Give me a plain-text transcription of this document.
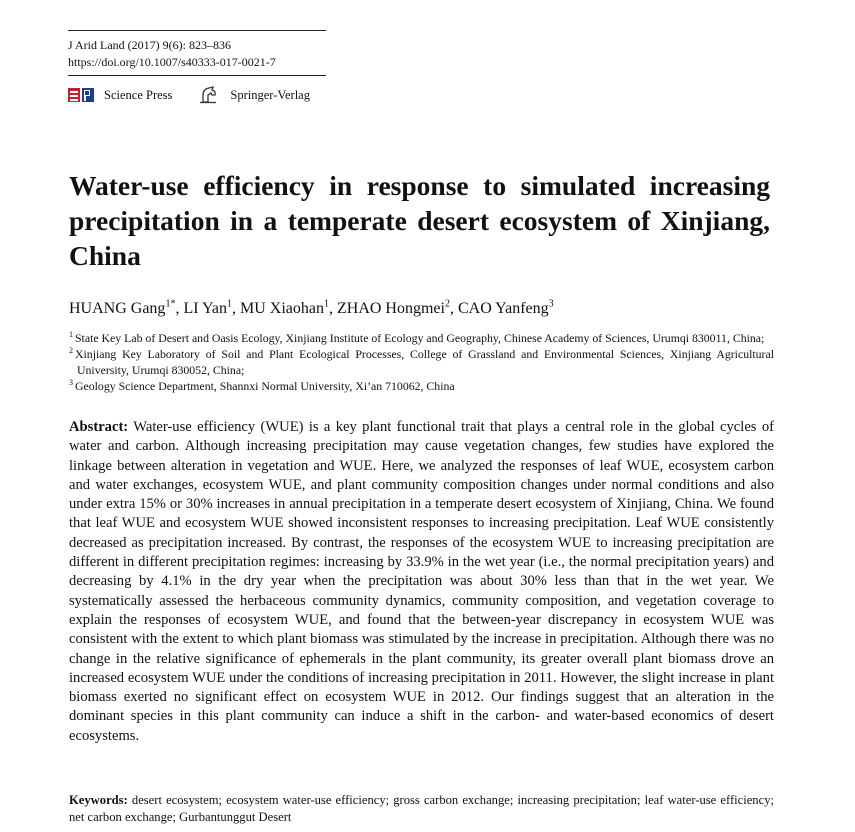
J Arid Land (2017) 9(6): 823–836
https://doi.org/10.1007/s40333-017-0021-7
Science Press	Springer-Verlag
Water-use efficiency in response to simulated increasing precipitation in a temperate desert ecosystem of Xinjiang, China
HUANG Gang$^{1*}$, LI Yan$^1$, MU Xiaohan$^1$, ZHAO Hongmei$^2$, CAO Yanfeng$^3$
$^1$ State Key Lab of Desert and Oasis Ecology, Xinjiang Institute of Ecology and Geography, Chinese Academy of Sciences, Urumqi 830011, China;
$^2$ Xinjiang Key Laboratory of Soil and Plant Ecological Processes, College of Grassland and Environmental Sciences, Xinjiang Agricultural University, Urumqi 830052, China;
$^3$ Geology Science Department, Shannxi Normal University, Xi’an 710062, China

Abstract: Water-use efficiency (WUE) is a key plant functional trait that plays a central role in the global cycles of water and carbon. Although increasing precipitation may cause vegetation changes, few studies have explored the linkage between alteration in vegetation and WUE. Here, we analyzed the responses of leaf WUE, ecosystem carbon and water exchanges, ecosystem WUE, and plant community composition changes under normal conditions and also under extra 15% or 30% increases in annual precipitation in a temperate desert ecosystem of Xinjiang, China. We found that leaf WUE and ecosystem WUE showed inconsistent responses to increasing precipitation. Leaf WUE consistently decreased as precipitation increased. By contrast, the responses of the ecosystem WUE to increasing precipitation are different in different precipitation regimes: increasing by 33.9% in the wet year (i.e., the normal precipitation years) and decreasing by 4.1% in the dry year when the precipitation was about 30% less than that in the wet year. We systematically assessed the herbaceous community dynamics, community composition, and vegetation coverage to explain the responses of ecosystem WUE, and found that the between-year discrepancy in ecosystem WUE was consistent with the extent to which plant biomass was stimulated by the increase in precipitation. Although there was no change in the relative significance of ephemerals in the plant community, its greater overall plant biomass drove an increased ecosystem WUE under the conditions of increasing precipitation in 2011. However, the slight increase in plant biomass exerted no significant effect on ecosystem WUE in 2012. Our findings suggest that an alteration in the dominant species in this plant community can induce a shift in the carbon- and water-based economics of desert ecosystems.

Keywords: desert ecosystem; ecosystem water-use efficiency; gross carbon exchange; increasing precipitation; leaf water-use efficiency; net carbon exchange; Gurbantunggut Desert
